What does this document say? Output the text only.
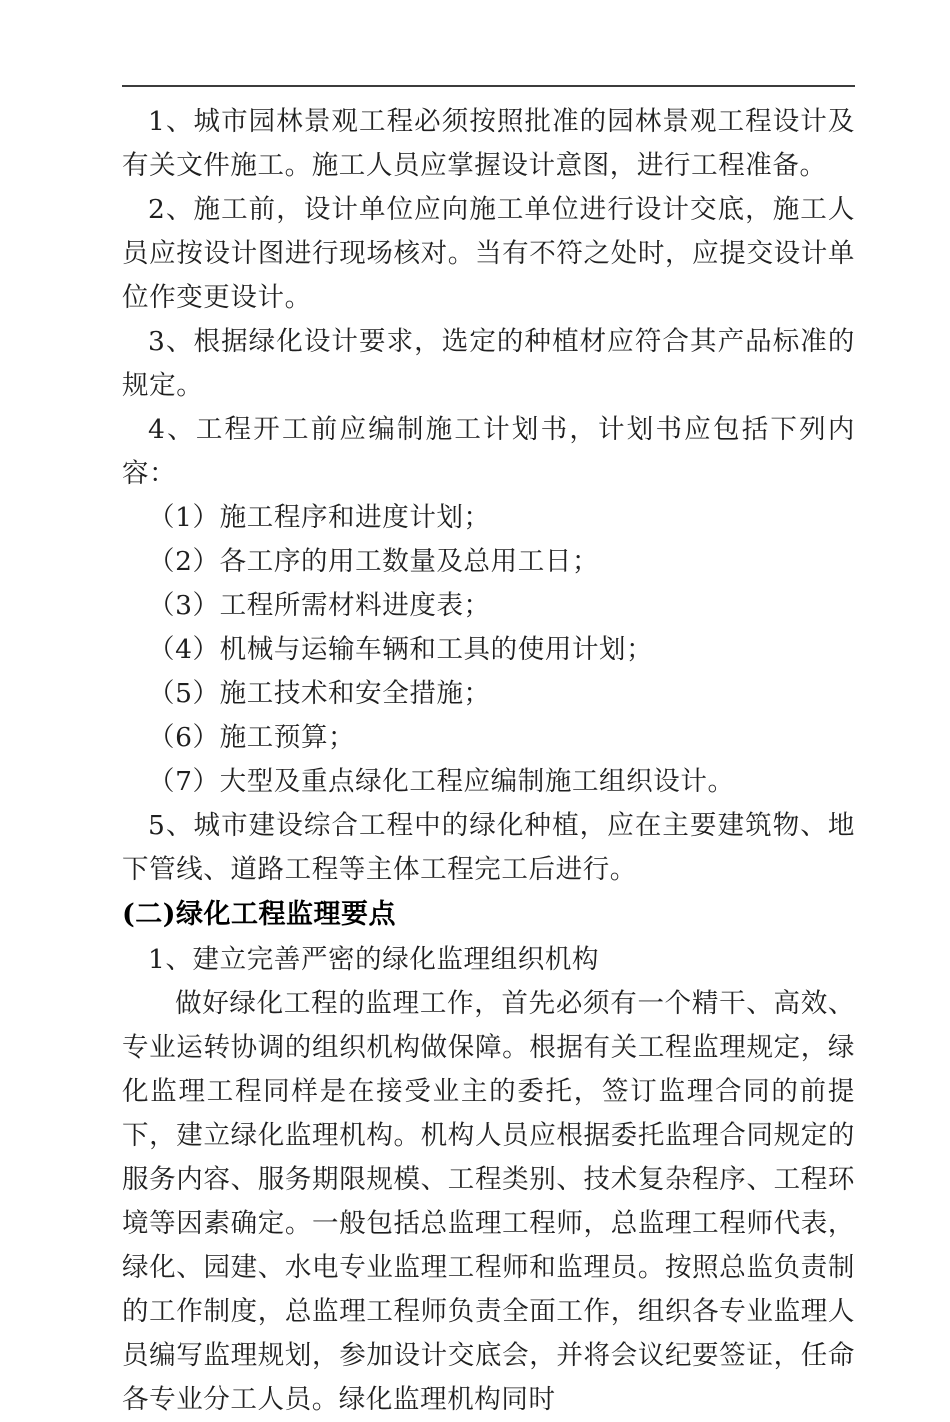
1、城市园林景观工程必须按照批准的园林景观工程设计及有关文件施工。施工人员应掌握设计意图，进行工程准备。

2、施工前，设计单位应向施工单位进行设计交底，施工人员应按设计图进行现场核对。当有不符之处时，应提交设计单位作变更设计。

3、根据绿化设计要求，选定的种植材应符合其产品标准的规定。

4、工程开工前应编制施工计划书，计划书应包括下列内容：

（1）施工程序和进度计划；

（2）各工序的用工数量及总用工日；

（3）工程所需材料进度表；

（4）机械与运输车辆和工具的使用计划；

（5）施工技术和安全措施；

（6）施工预算；

（7）大型及重点绿化工程应编制施工组织设计。

5、城市建设综合工程中的绿化种植，应在主要建筑物、地下管线、道路工程等主体工程完工后进行。

(二)绿化工程监理要点

1、建立完善严密的绿化监理组织机构

做好绿化工程的监理工作，首先必须有一个精干、高效、专业运转协调的组织机构做保障。根据有关工程监理规定，绿化监理工程同样是在接受业主的委托，签订监理合同的前提下，建立绿化监理机构。机构人员应根据委托监理合同规定的服务内容、服务期限规模、工程类别、技术复杂程序、工程环境等因素确定。一般包括总监理工程师，总监理工程师代表，绿化、园建、水电专业监理工程师和监理员。按照总监负责制的工作制度，总监理工程师负责全面工作，组织各专业监理人员编写监理规划，参加设计交底会，并将会议纪要签证，任命各专业分工人员。绿化监理机构同时
